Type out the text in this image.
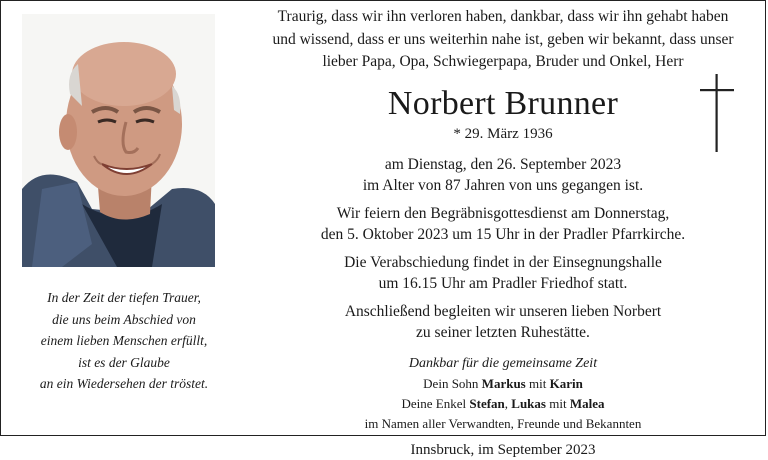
In der Zeit der tiefen Trauer,
die uns beim Abschied von
einem lieben Menschen erfüllt,
ist es der Glaube
an ein Wiedersehen der tröstet.
Traurig, dass wir ihn verloren haben, dankbar, dass wir ihn gehabt haben
und wissend, dass er uns weiterhin nahe ist, geben wir bekannt, dass unser
lieber Papa, Opa, Schwiegerpapa, Bruder und Onkel, Herr
Norbert Brunner
* 29. März 1936
am Dienstag, den 26. September 2023
im Alter von 87 Jahren von uns gegangen ist.
Wir feiern den Begräbnisgottesdienst am Donnerstag,
den 5. Oktober 2023 um 15 Uhr in der Pradler Pfarrkirche.
Die Verabschiedung findet in der Einsegnungshalle
um 16.15 Uhr am Pradler Friedhof statt.
Anschließend begleiten wir unseren lieben Norbert
zu seiner letzten Ruhestätte.
Dankbar für die gemeinsame Zeit
Dein Sohn Markus mit Karin
Deine Enkel Stefan, Lukas mit Malea
im Namen aller Verwandten, Freunde und Bekannten
Innsbruck, im September 2023
